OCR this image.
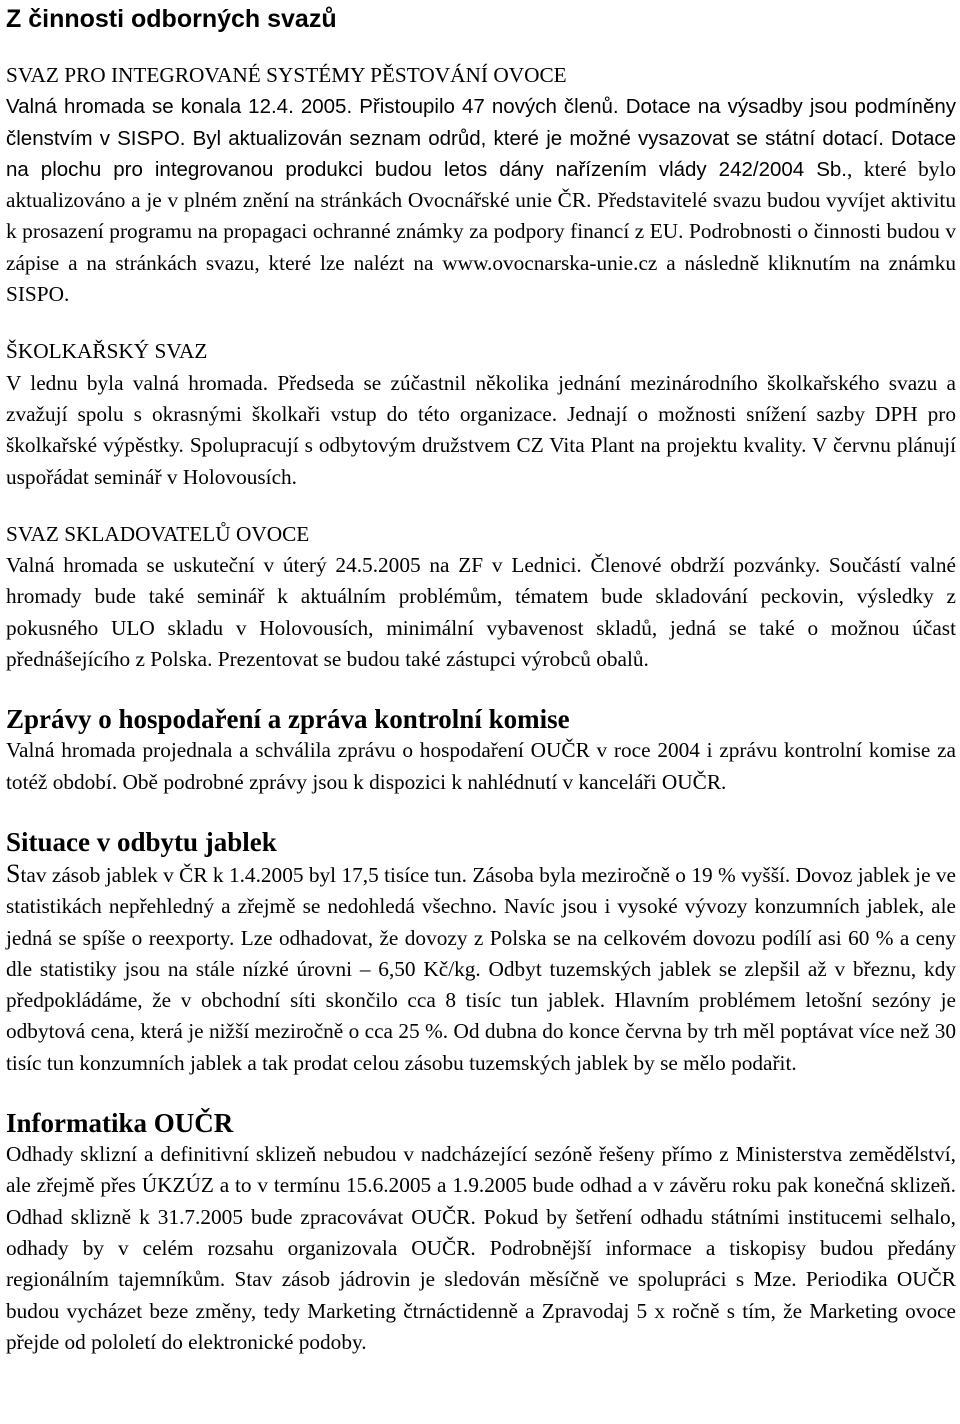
Z činnosti odborných svazů

SVAZ PRO INTEGROVANÉ SYSTÉMY PĚSTOVÁNÍ OVOCE
Valná hromada se konala 12.4. 2005. Přistoupilo 47 nových členů. Dotace na výsadby jsou podmíněny členstvím v SISPO. Byl aktualizován seznam odrůd, které je možné vysazovat se státní dotací. Dotace na plochu pro integrovanou produkci budou letos dány nařízením vlády 242/2004 Sb., které bylo aktualizováno a je v plném znění na stránkách Ovocnářské unie ČR. Představitelé svazu budou vyvíjet aktivitu k prosazení programu na propagaci ochranné známky za podpory financí z EU. Podrobnosti o činnosti budou v zápise a na stránkách svazu, které lze nalézt na www.ovocnarska-unie.cz a následně kliknutím na známku SISPO.

ŠKOLKAŘSKÝ SVAZ
V lednu byla valná hromada. Předseda se zúčastnil několika jednání mezinárodního školkařského svazu a zvažují spolu s okrasnými školkaři vstup do této organizace. Jednají o možnosti snížení sazby DPH pro školkařské výpěstky. Spolupracují s odbytovým družstvem CZ Vita Plant na projektu kvality. V červnu plánují uspořádat seminář v Holovousích.

SVAZ SKLADOVATELŮ OVOCE
Valná hromada se uskuteční v úterý 24.5.2005 na ZF v Lednici. Členové obdrží pozvánky. Součástí valné hromady bude také seminář k aktuálním problémům, tématem bude skladování peckovin, výsledky z pokusného ULO skladu v Holovousích, minimální vybavenost skladů, jedná se také o možnou účast přednášejícího z Polska. Prezentovat se budou také zástupci výrobců obalů.

Zprávy o hospodaření a zpráva kontrolní komise

Valná hromada projednala a schválila zprávu o hospodaření OUČR v roce 2004 i zprávu kontrolní komise za totéž období. Obě podrobné zprávy jsou k dispozici k nahlédnutí v kanceláři OUČR.

Situace v odbytu jablek

Stav zásob jablek v ČR k 1.4.2005 byl 17,5 tisíce tun. Zásoba byla meziročně o 19 % vyšší. Dovoz jablek je ve statistikách nepřehledný a zřejmě se nedohledá všechno. Navíc jsou i vysoké vývozy konzumních jablek, ale jedná se spíše o reexporty. Lze odhadovat, že dovozy z Polska se na celkovém dovozu podílí asi 60 % a ceny dle statistiky jsou na stále nízké úrovni – 6,50 Kč/kg. Odbyt tuzemských jablek se zlepšil až v březnu, kdy předpokládáme, že v obchodní síti skončilo cca 8 tisíc tun jablek. Hlavním problémem letošní sezóny je odbytová cena, která je nižší meziročně o cca 25 %. Od dubna do konce června by trh měl poptávat více než 30 tisíc tun konzumních jablek a tak prodat celou zásobu tuzemských jablek by se mělo podařit.

Informatika OUČR

Odhady sklizní a definitivní sklizeň nebudou v nadcházející sezóně řešeny přímo z Ministerstva zemědělství, ale zřejmě přes ÚKZÚZ a to v termínu 15.6.2005 a 1.9.2005 bude odhad a v závěru roku pak konečná sklizeň. Odhad sklizně k 31.7.2005 bude zpracovávat OUČR. Pokud by šetření odhadu státními institucemi selhalo, odhady by v celém rozsahu organizovala OUČR. Podrobnější informace a tiskopisy budou předány regionálním tajemníkům. Stav zásob jádrovin je sledován měsíčně ve spolupráci s Mze. Periodika OUČR budou vycházet beze změny, tedy Marketing čtrnáctidenně a Zpravodaj 5 x ročně s tím, že Marketing ovoce přejde od pololetí do elektronické podoby.
